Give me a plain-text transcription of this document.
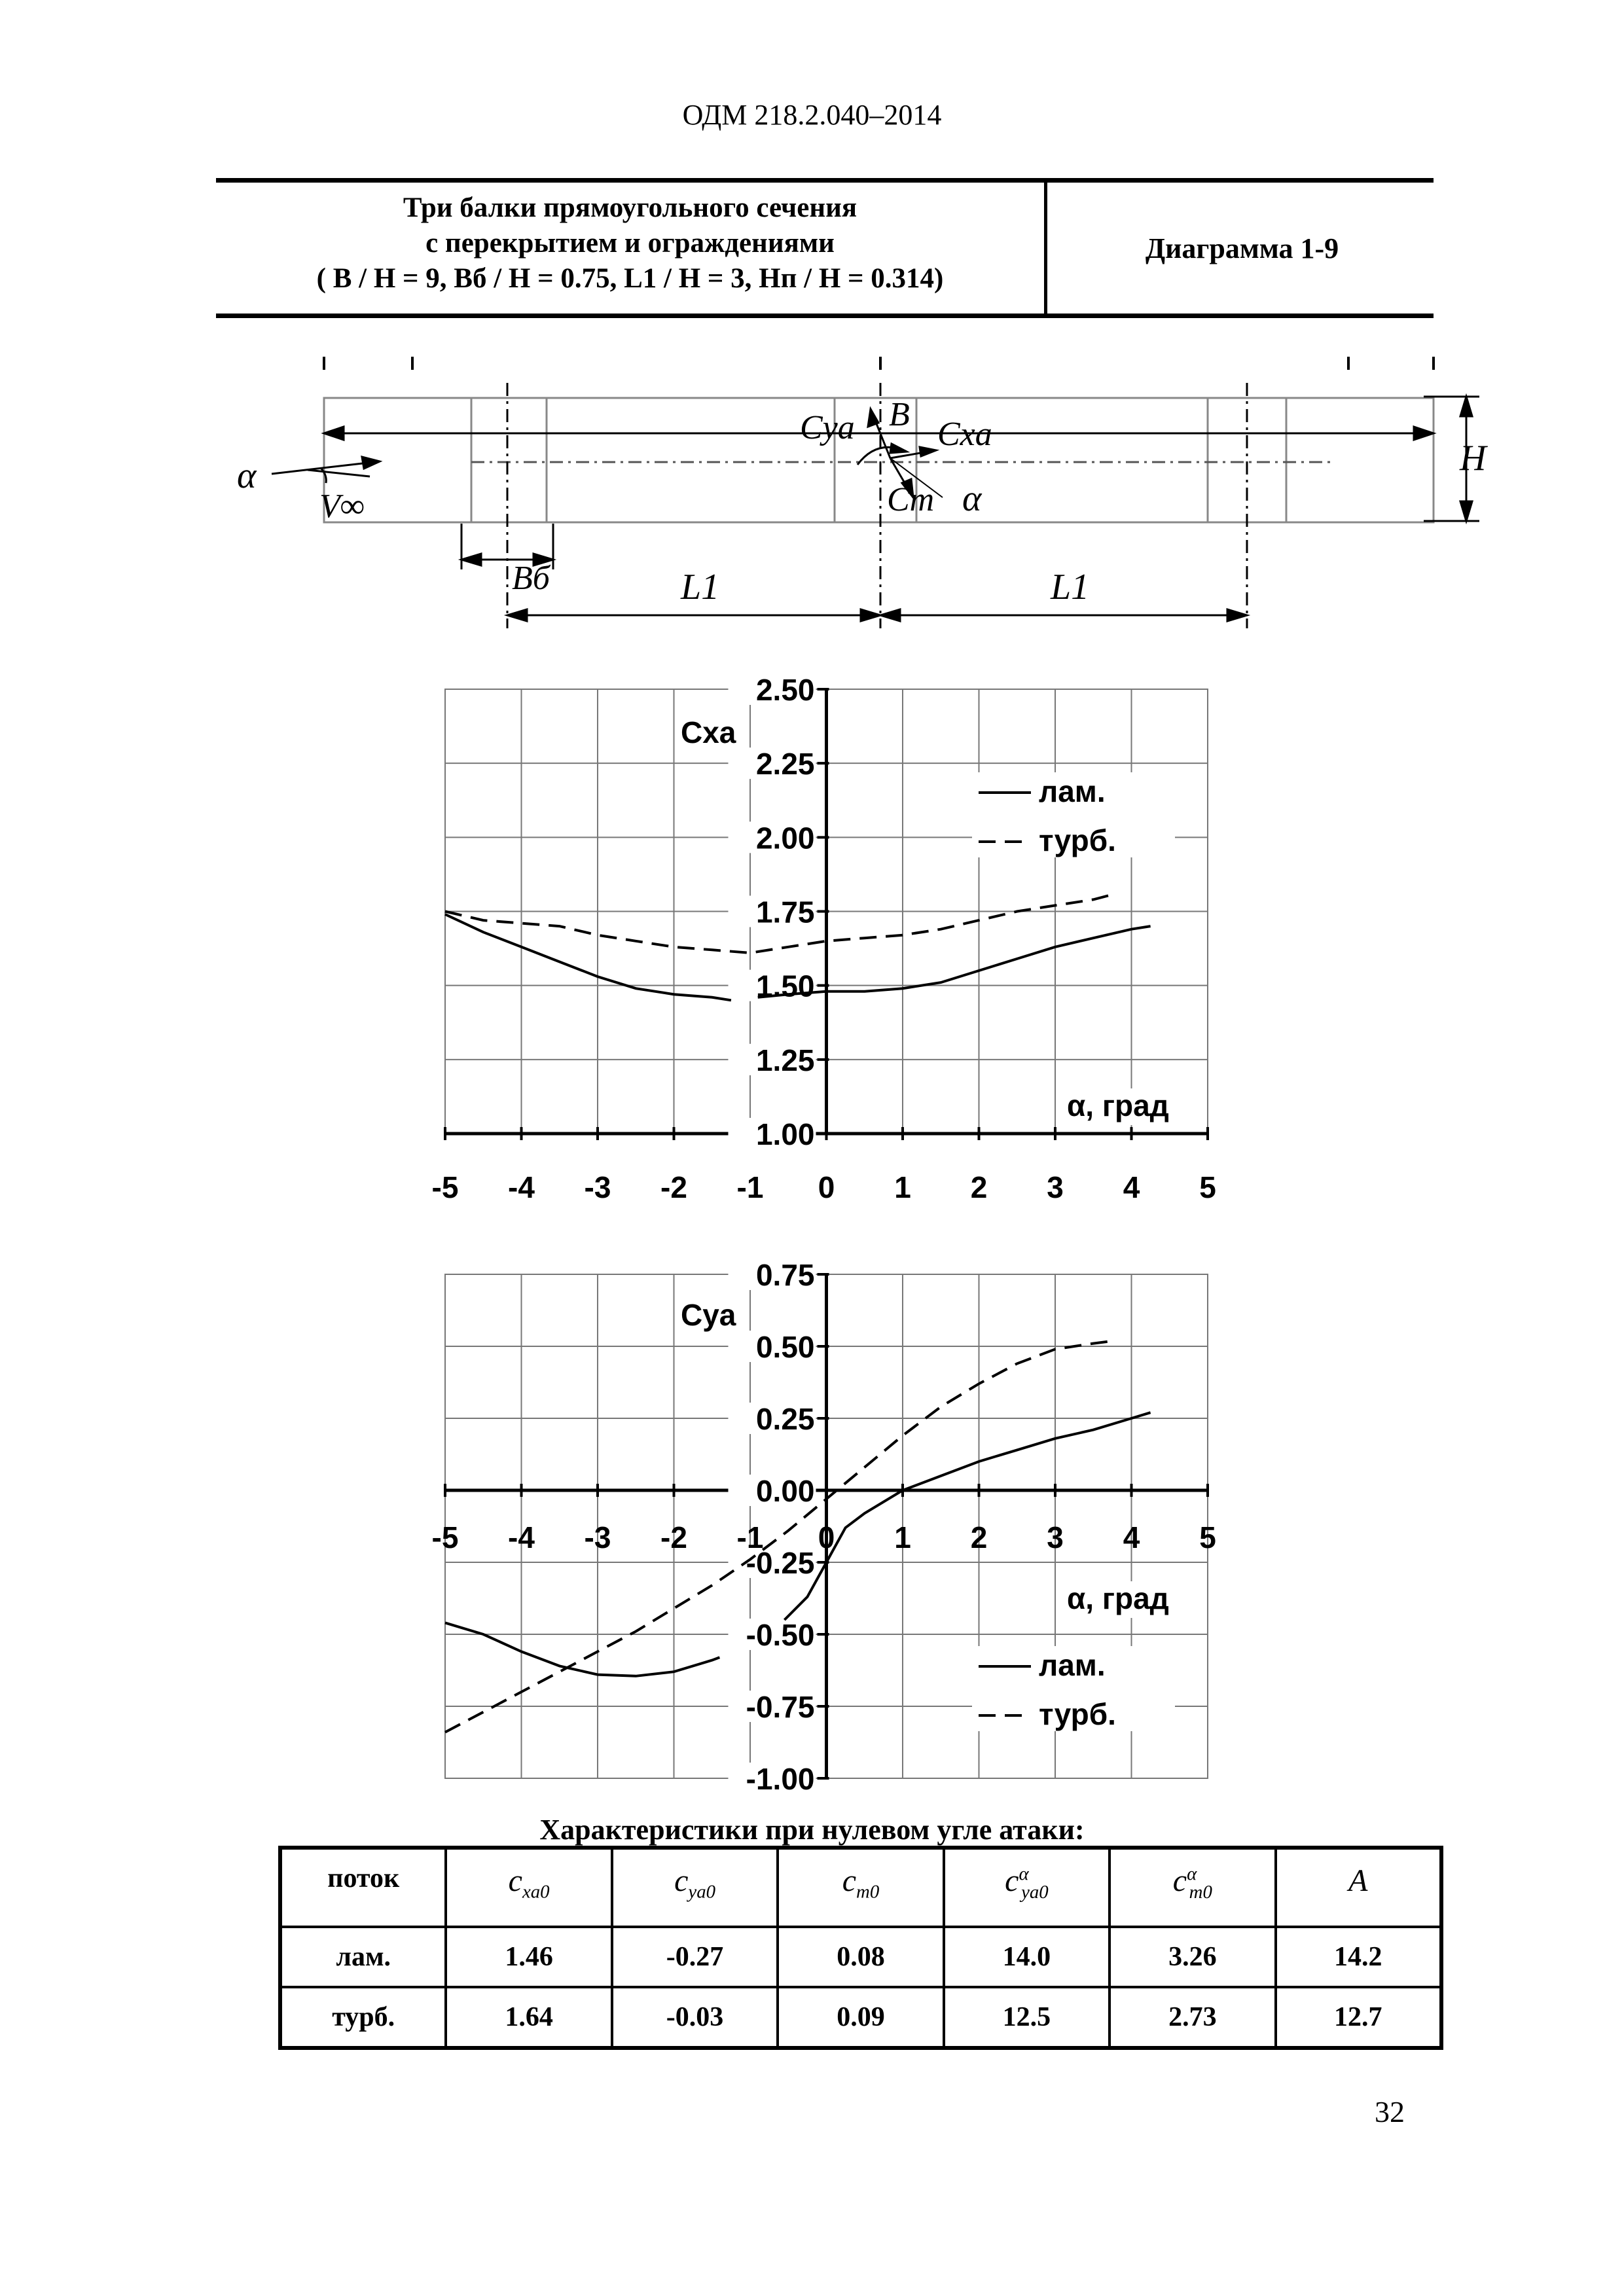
ОДМ 218.2.040–2014
Три балки прямоугольного сечения
с перекрытием и ограждениями
( B / H = 9, Bб / H = 0.75, L1 / H = 3, Hп / H = 0.314)
Диаграмма 1-9
α
V∞
Cya B
Cxa
Cm α
H
Bб	L1	L1
2.50
2.25
2.00
1.75
1.50
1.25
1.00
-5 -4 -3 -2 -1 0 1 2 3 4 5
Cxa
α, град
лам.
турб.
0.75
0.50
0.25
0.00
-0.25
-0.50
-0.75
-1.00
-5 -4 -3 -2 -1 0 1 2 3 4 5
Cya
α, град
лам.
турб.
Характеристики при нулевом угле атаки:
поток	$c_{xa0}$	$c_{ya0}$	$c_{m0}$	$c^\alpha_{ya0}$	$c^\alpha_{m0}$	A
лам.	1.46	-0.27	0.08	14.0	3.26	14.2
турб.	1.64	-0.03	0.09	12.5	2.73	12.7
32
